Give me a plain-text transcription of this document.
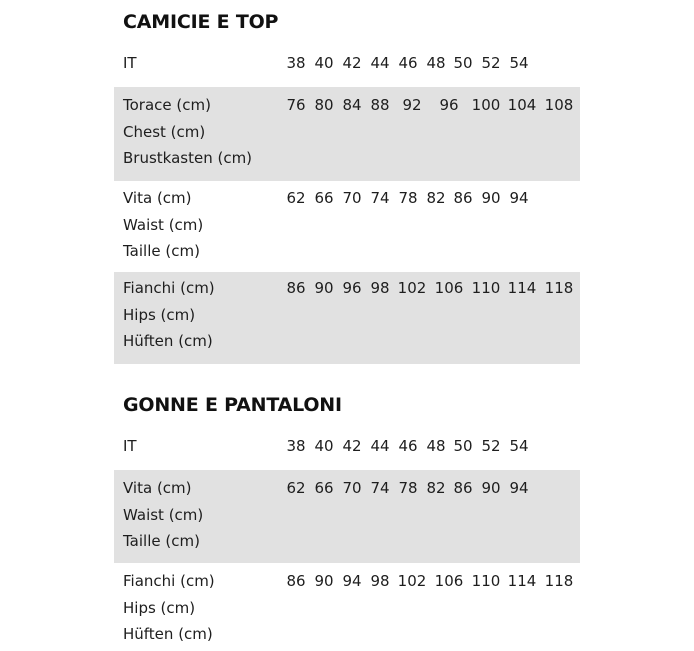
CAMICIE E TOP
IT	38 40 42 44 46 48 50 52 54
Torace (cm)
Chest (cm)
Brustkasten (cm)
76 80 84 88 92 96 100 104 108
Vita (cm)
Waist (cm)
Taille (cm)
62 66 70 74 78 82 86 90 94
Fianchi (cm)
Hips (cm)
Hüften (cm)
86 90 96 98 102 106 110 114 118
GONNE E PANTALONI
IT	38 40 42 44 46 48 50 52 54
Vita (cm)
Waist (cm)
Taille (cm)
62 66 70 74 78 82 86 90 94
Fianchi (cm)
Hips (cm)
Hüften (cm)
86 90 94 98 102 106 110 114 118
